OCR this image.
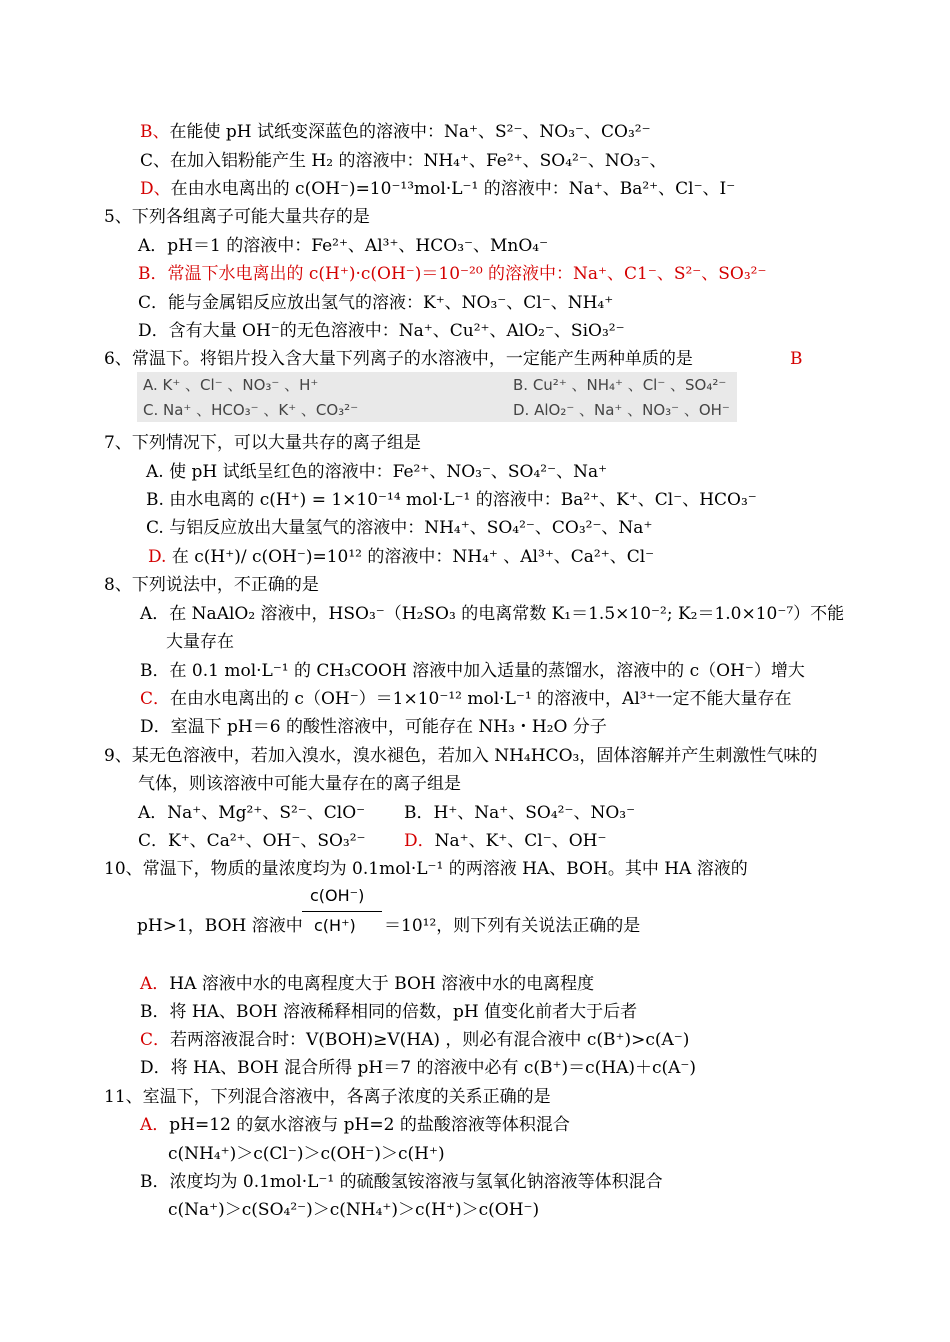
B、在能使 pH 试纸变深蓝色的溶液中：Na⁺、S²⁻、NO₃⁻、CO₃²⁻
C、在加入铝粉能产生 H₂ 的溶液中：NH₄⁺、Fe²⁺、SO₄²⁻、NO₃⁻、
D、在由水电离出的 c(OH⁻)=10⁻¹³mol·L⁻¹ 的溶液中：Na⁺、Ba²⁺、Cl⁻、I⁻
5、下列各组离子可能大量共存的是
A．pH＝1 的溶液中：Fe²⁺、Al³⁺、HCO₃⁻、MnO₄⁻
B．常温下水电离出的 c(H⁺)·c(OH⁻)＝10⁻²⁰ 的溶液中：Na⁺、C1⁻、S²⁻、SO₃²⁻
C．能与金属铝反应放出氢气的溶液：K⁺、NO₃⁻、Cl⁻、NH₄⁺
D．含有大量 OH⁻的无色溶液中：Na⁺、Cu²⁺、AlO₂⁻、SiO₃²⁻
6、常温下。将铝片投入含大量下列离子的水溶液中，一定能产生两种单质的是	B
A. K⁺ 、Cl⁻ 、NO₃⁻ 、H⁺	B. Cu²⁺ 、NH₄⁺ 、Cl⁻ 、SO₄²⁻
C. Na⁺ 、HCO₃⁻ 、K⁺ 、CO₃²⁻	D. AlO₂⁻ 、Na⁺ 、NO₃⁻ 、OH⁻
7、下列情况下，可以大量共存的离子组是
A. 使 pH 试纸呈红色的溶液中：Fe²⁺、NO₃⁻、SO₄²⁻、Na⁺
B. 由水电离的 c(H⁺) = 1×10⁻¹⁴ mol·L⁻¹ 的溶液中：Ba²⁺、K⁺、Cl⁻、HCO₃⁻
C. 与铝反应放出大量氢气的溶液中：NH₄⁺、SO₄²⁻、CO₃²⁻、Na⁺
D. 在 c(H⁺)/ c(OH⁻)=10¹² 的溶液中：NH₄⁺ 、Al³⁺、Ca²⁺、Cl⁻
8、下列说法中，不正确的是
A．在 NaAlO₂ 溶液中，HSO₃⁻（H₂SO₃ 的电离常数 K₁＝1.5×10⁻²; K₂＝1.0×10⁻⁷）不能
大量存在
B．在 0.1 mol·L⁻¹ 的 CH₃COOH 溶液中加入适量的蒸馏水，溶液中的 c（OH⁻）增大
C．在由水电离出的 c（OH⁻）＝1×10⁻¹² mol·L⁻¹ 的溶液中，Al³⁺一定不能大量存在
D．室温下 pH＝6 的酸性溶液中，可能存在 NH₃・H₂O 分子
9、某无色溶液中，若加入溴水，溴水褪色，若加入 NH₄HCO₃，固体溶解并产生刺激性气味的
气体，则该溶液中可能大量存在的离子组是
A．Na⁺、Mg²⁺、S²⁻、ClO⁻ B．H⁺、Na⁺、SO₄²⁻、NO₃⁻
C．K⁺、Ca²⁺、OH⁻、SO₃²⁻ D．Na⁺、K⁺、Cl⁻、OH⁻
10、常温下，物质的量浓度均为 0.1mol·L⁻¹ 的两溶液 HA、BOH。其中 HA 溶液的
pH>1，BOH 溶液中
c(OH⁻)
c(H⁺) ＝10¹²，则下列有关说法正确的是
A．HA 溶液中水的电离程度大于 BOH 溶液中水的电离程度
B．将 HA、BOH 溶液稀释相同的倍数，pH 值变化前者大于后者
C．若两溶液混合时：V(BOH)≥V(HA) ，则必有混合液中 c(B⁺)>c(A⁻)
D．将 HA、BOH 混合所得 pH＝7 的溶液中必有 c(B⁺)＝c(HA)＋c(A⁻)
11、室温下，下列混合溶液中，各离子浓度的关系正确的是
A．pH=12 的氨水溶液与 pH=2 的盐酸溶液等体积混合
c(NH₄⁺)＞c(Cl⁻)＞c(OH⁻)＞c(H⁺)
B．浓度均为 0.1mol·L⁻¹ 的硫酸氢铵溶液与氢氧化钠溶液等体积混合
c(Na⁺)＞c(SO₄²⁻)＞c(NH₄⁺)＞c(H⁺)＞c(OH⁻)
